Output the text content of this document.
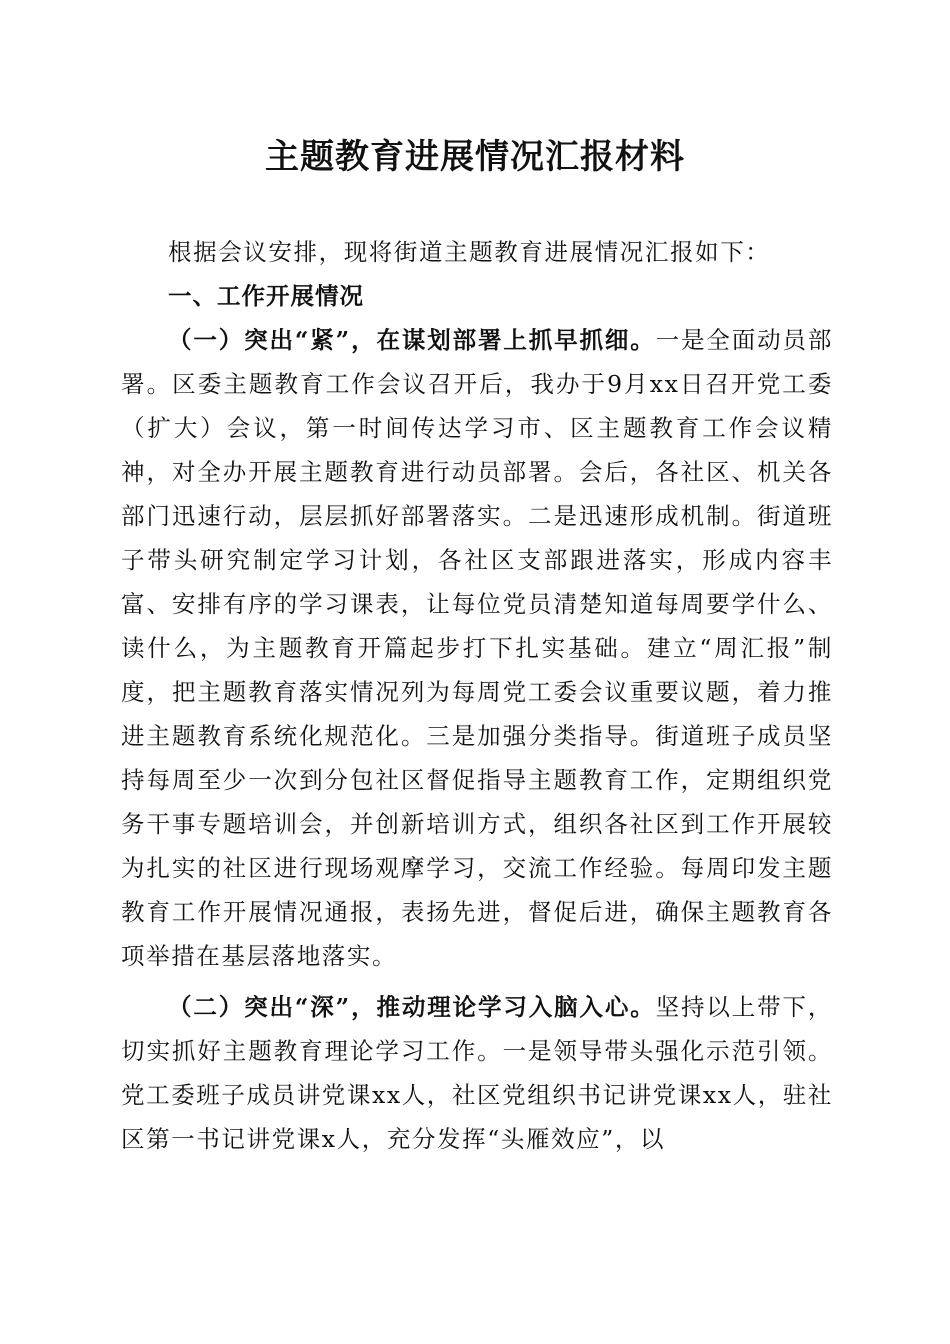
主题教育进展情况汇报材料

根据会议安排，现将街道主题教育进展情况汇报如下：

一、工作开展情况

（一）突出“紧”，在谋划部署上抓早抓细。一是全面动员部署。区委主题教育工作会议召开后，我办于9月xx日召开党工委（扩大）会议，第一时间传达学习市、区主题教育工作会议精神，对全办开展主题教育进行动员部署。会后，各社区、机关各部门迅速行动，层层抓好部署落实。二是迅速形成机制。街道班子带头研究制定学习计划，各社区支部跟进落实，形成内容丰富、安排有序的学习课表，让每位党员清楚知道每周要学什么、读什么，为主题教育开篇起步打下扎实基础。建立“周汇报”制度，把主题教育落实情况列为每周党工委会议重要议题，着力推进主题教育系统化规范化。三是加强分类指导。街道班子成员坚持每周至少一次到分包社区督促指导主题教育工作，定期组织党务干事专题培训会，并创新培训方式，组织各社区到工作开展较为扎实的社区进行现场观摩学习，交流工作经验。每周印发主题教育工作开展情况通报，表扬先进，督促后进，确保主题教育各项举措在基层落地落实。

（二）突出“深”，推动理论学习入脑入心。坚持以上带下，切实抓好主题教育理论学习工作。一是领导带头强化示范引领。党工委班子成员讲党课xx人，社区党组织书记讲党课xx人，驻社区第一书记讲党课x人，充分发挥“头雁效应”，以
